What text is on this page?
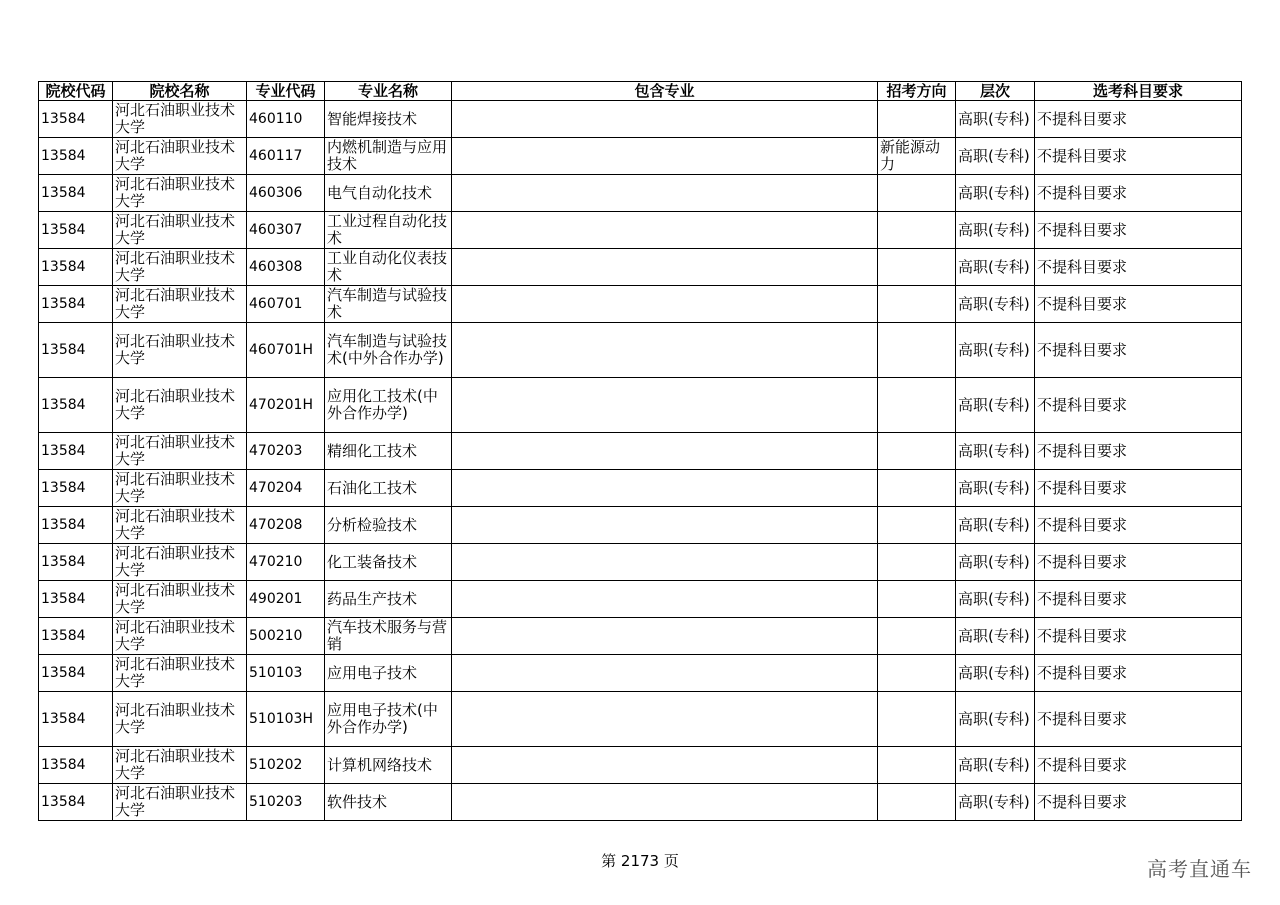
院校代码	院校名称	专业代码	专业名称	包含专业	招考方向	层次	选考科目要求
13584	河北石油职业技术大学	460110	智能焊接技术			高职(专科)	不提科目要求
13584	河北石油职业技术大学	460117	内燃机制造与应用技术		新能源动力	高职(专科)	不提科目要求
13584	河北石油职业技术大学	460306	电气自动化技术			高职(专科)	不提科目要求
13584	河北石油职业技术大学	460307	工业过程自动化技术			高职(专科)	不提科目要求
13584	河北石油职业技术大学	460308	工业自动化仪表技术			高职(专科)	不提科目要求
13584	河北石油职业技术大学	460701	汽车制造与试验技术			高职(专科)	不提科目要求
13584	河北石油职业技术大学	460701H	汽车制造与试验技术(中外合作办学)			高职(专科)	不提科目要求
13584	河北石油职业技术大学	470201H	应用化工技术(中外合作办学)			高职(专科)	不提科目要求
13584	河北石油职业技术大学	470203	精细化工技术			高职(专科)	不提科目要求
13584	河北石油职业技术大学	470204	石油化工技术			高职(专科)	不提科目要求
13584	河北石油职业技术大学	470208	分析检验技术			高职(专科)	不提科目要求
13584	河北石油职业技术大学	470210	化工装备技术			高职(专科)	不提科目要求
13584	河北石油职业技术大学	490201	药品生产技术			高职(专科)	不提科目要求
13584	河北石油职业技术大学	500210	汽车技术服务与营销			高职(专科)	不提科目要求
13584	河北石油职业技术大学	510103	应用电子技术			高职(专科)	不提科目要求
13584	河北石油职业技术大学	510103H	应用电子技术(中外合作办学)			高职(专科)	不提科目要求
13584	河北石油职业技术大学	510202	计算机网络技术			高职(专科)	不提科目要求
13584	河北石油职业技术大学	510203	软件技术			高职(专科)	不提科目要求
第 2173 页	高考直通车
